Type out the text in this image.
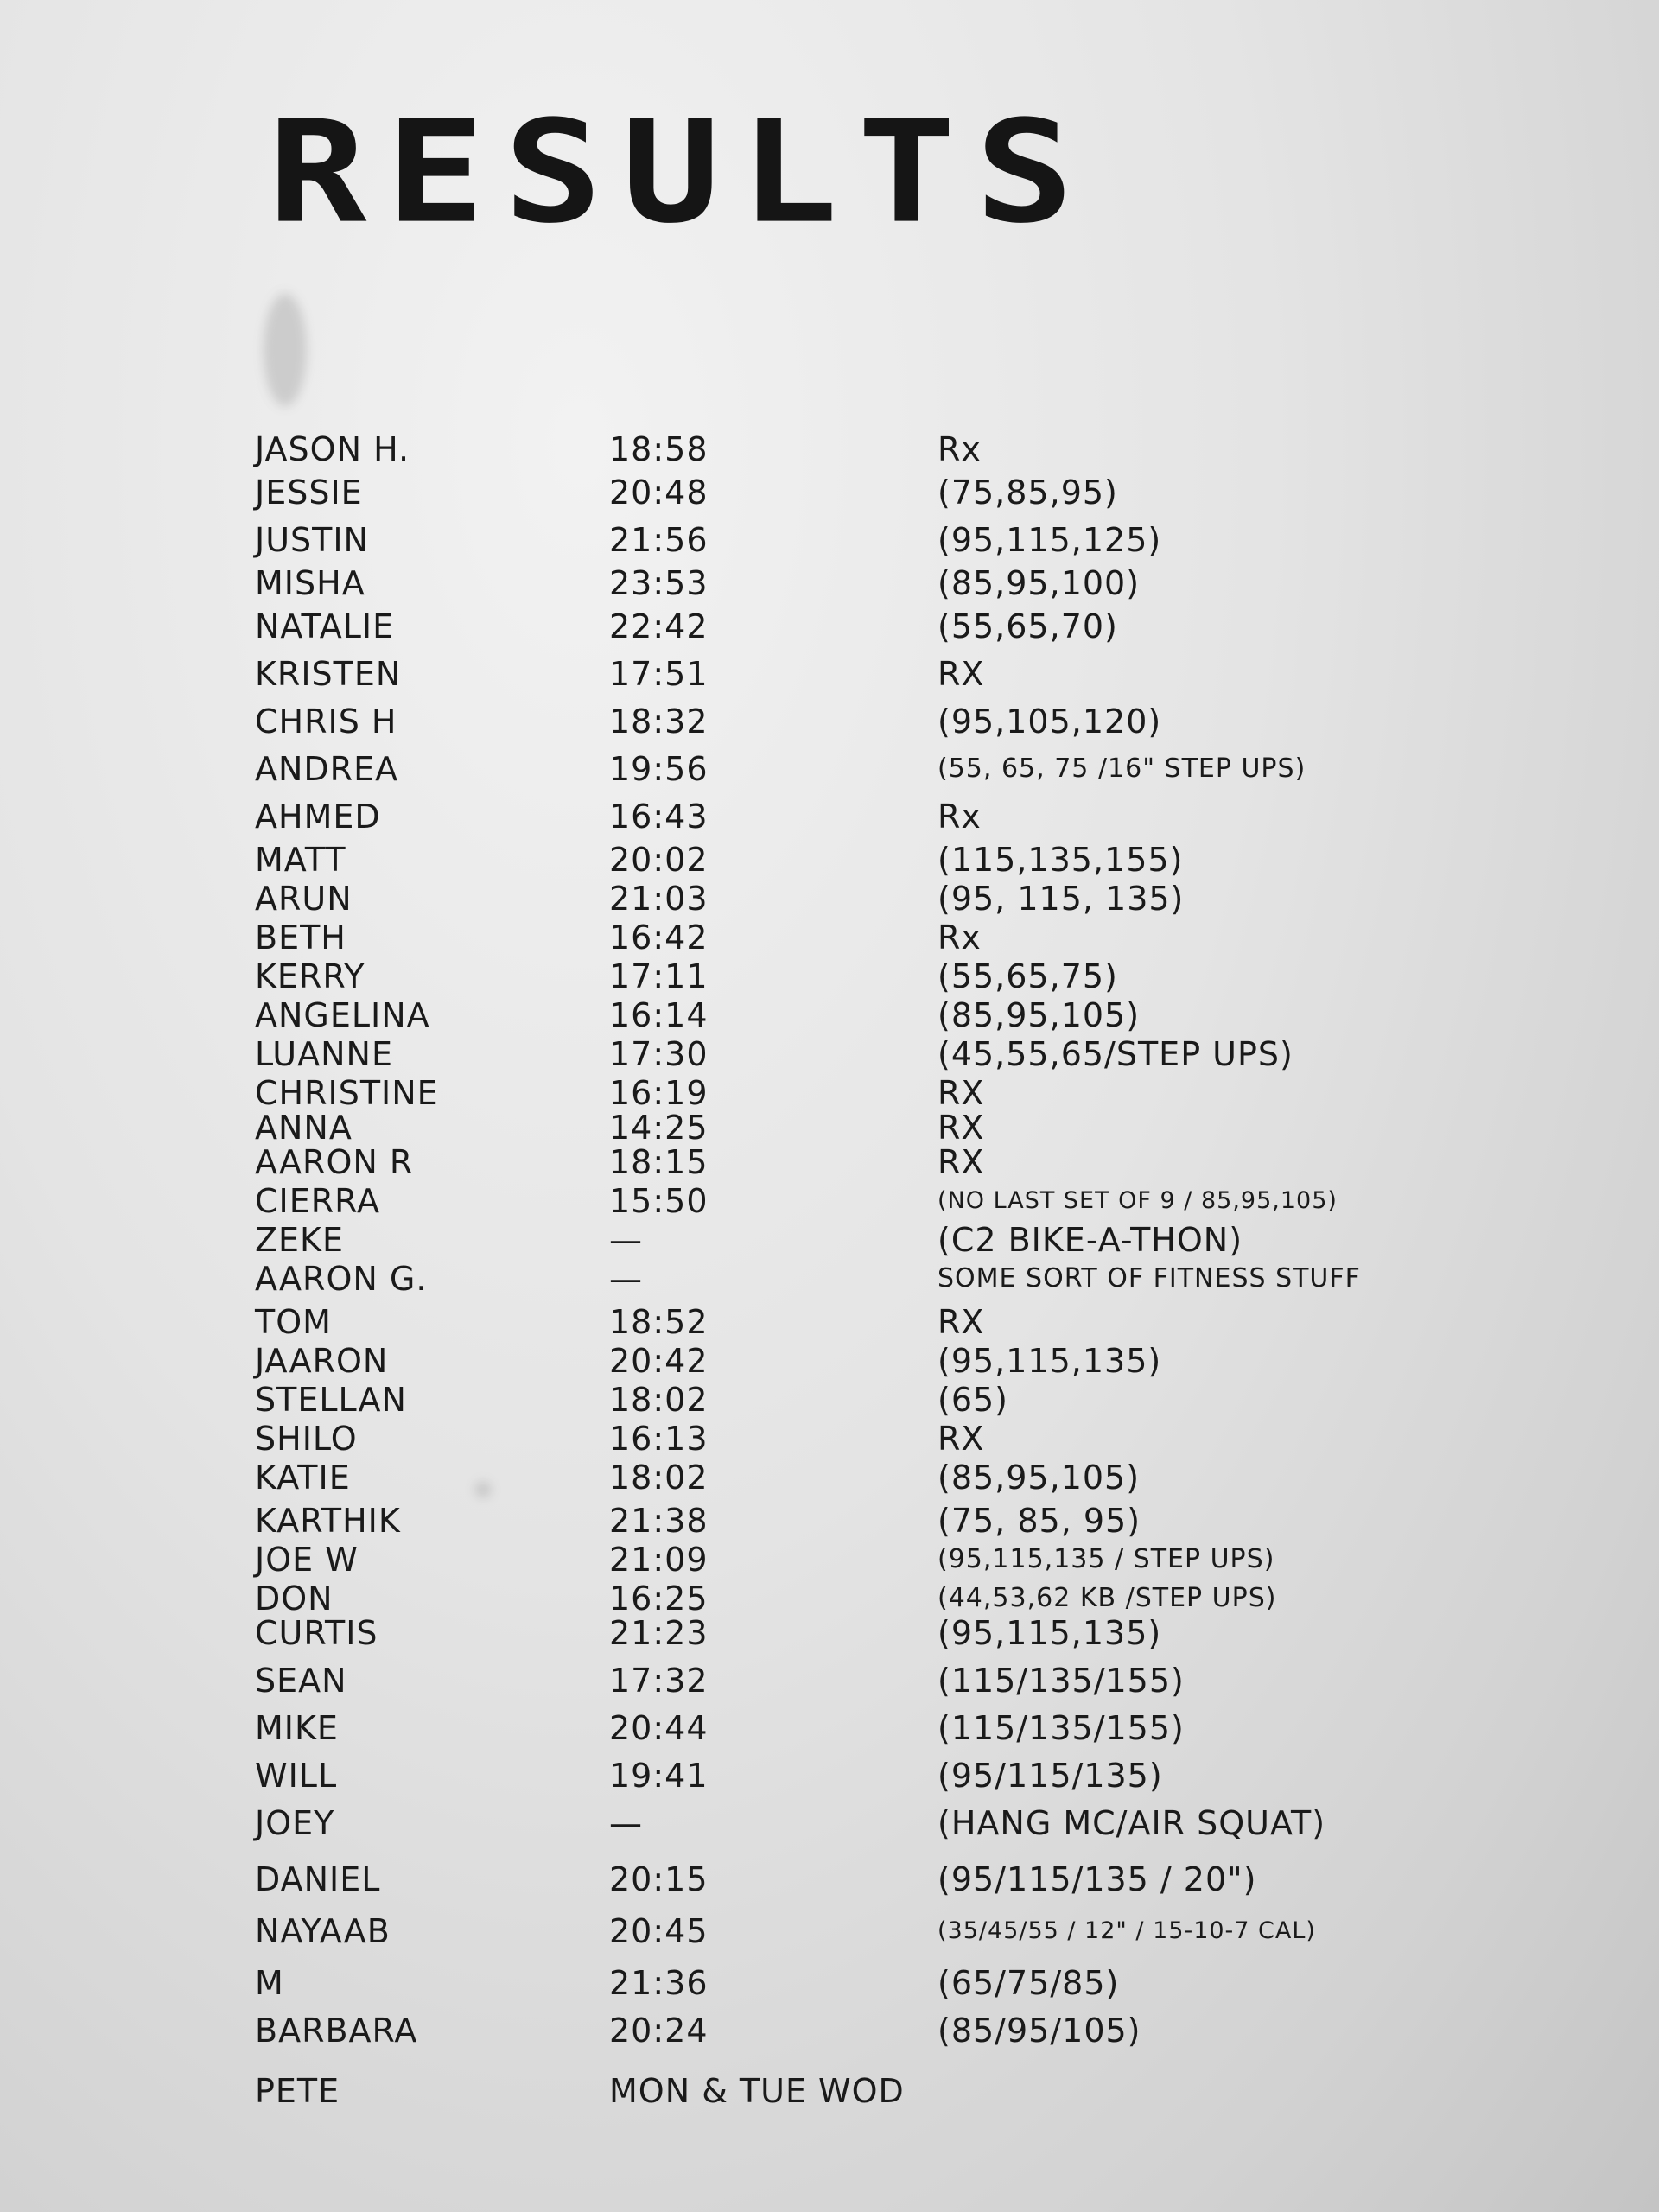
RESULTS
JASON H.	18:58	Rx
JESSIE	20:48	(75,85,95)
JUSTIN	21:56	(95,115,125)
MISHA	23:53	(85,95,100)
NATALIE	22:42	(55,65,70)
KRISTEN	17:51	RX
CHRIS H	18:32	(95,105,120)
ANDREA	19:56	(55, 65, 75 /16" STEP UPS)
AHMED	16:43	Rx
MATT	20:02	(115,135,155)
ARUN	21:03	(95, 115, 135)
BETH	16:42	Rx
KERRY	17:11	(55,65,75)
ANGELINA	16:14	(85,95,105)
LUANNE	17:30	(45,55,65/STEP UPS)
CHRISTINE	16:19	RX
ANNA	14:25	RX
AARON R	18:15	RX
CIERRA	15:50	(NO LAST SET OF 9 / 85,95,105)
ZEKE	—	(C2 BIKE-A-THON)
AARON G.	—	SOME SORT OF FITNESS STUFF
TOM	18:52	RX
JAARON	20:42	(95,115,135)
STELLAN	18:02	(65)
SHILO	16:13	RX
KATIE	18:02	(85,95,105)
KARTHIK	21:38	(75, 85, 95)
JOE W	21:09	(95,115,135 / STEP UPS)
DON	16:25	(44,53,62 KB /STEP UPS)
CURTIS	21:23	(95,115,135)
SEAN	17:32	(115/135/155)
MIKE	20:44	(115/135/155)
WILL	19:41	(95/115/135)
JOEY	—	(HANG MC/AIR SQUAT)
DANIEL	20:15	(95/115/135 / 20")
NAYAAB	20:45	(35/45/55 / 12" / 15-10-7 CAL)
M	21:36	(65/75/85)
BARBARA	20:24	(85/95/105)
PETE	MON & TUE WOD
